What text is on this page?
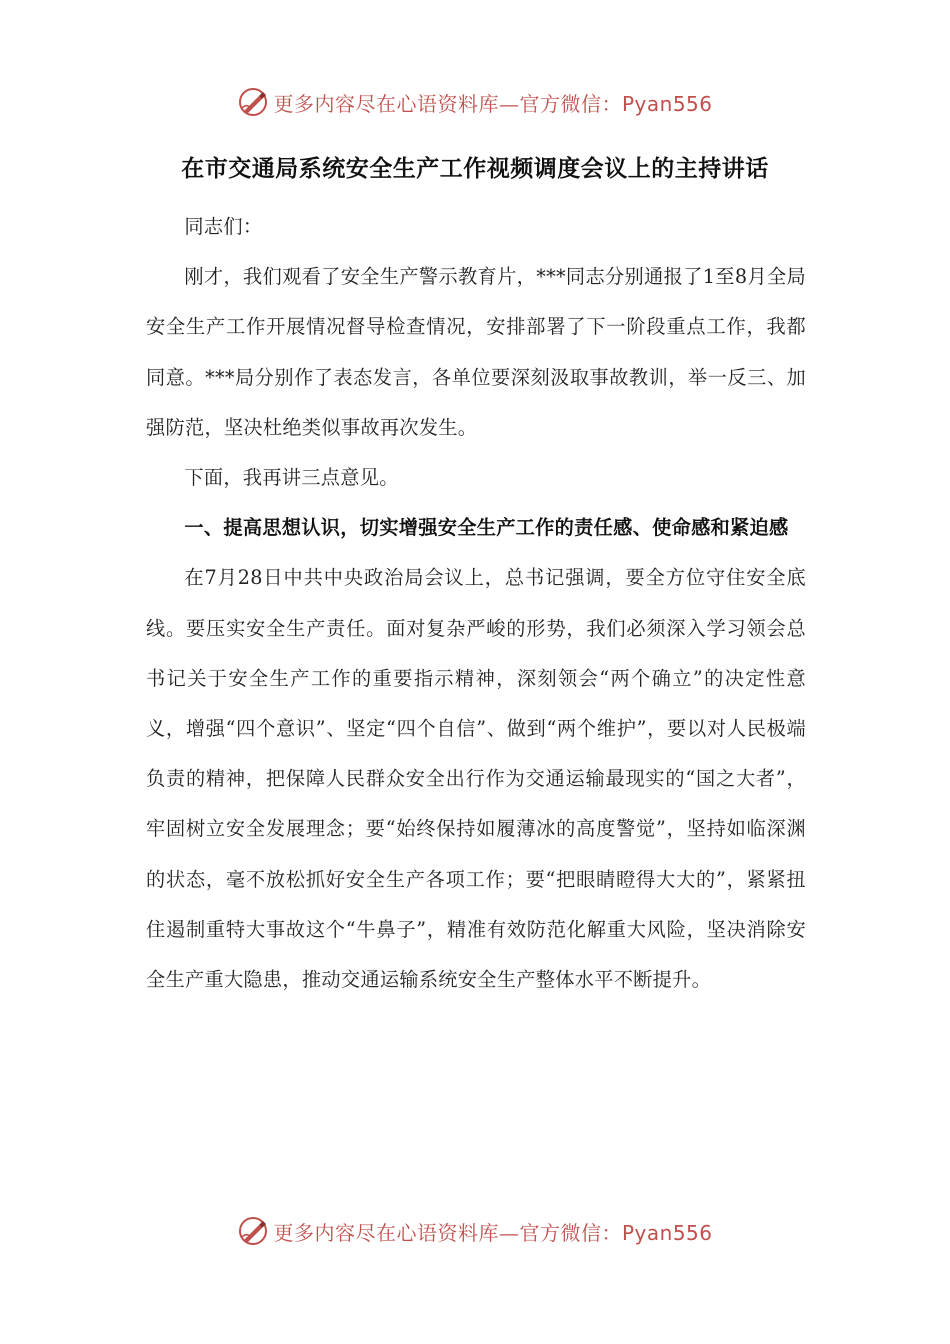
更多内容尽在心语资料库—官方微信：Pyan556
在市交通局系统安全生产工作视频调度会议上的主持讲话

同志们：

刚才，我们观看了安全生产警示教育片，***同志分别通报了1至8月全局安全生产工作开展情况督导检查情况，安排部署了下一阶段重点工作，我都同意。***局分别作了表态发言，各单位要深刻汲取事故教训，举一反三、加强防范，坚决杜绝类似事故再次发生。

下面，我再讲三点意见。

一、提高思想认识，切实增强安全生产工作的责任感、使命感和紧迫感

在7月28日中共中央政治局会议上，总书记强调，要全方位守住安全底线。要压实安全生产责任。面对复杂严峻的形势，我们必须深入学习领会总书记关于安全生产工作的重要指示精神，深刻领会“两个确立”的决定性意义，增强“四个意识”、坚定“四个自信”、做到“两个维护”，要以对人民极端负责的精神，把保障人民群众安全出行作为交通运输最现实的“国之大者”，牢固树立安全发展理念；要“始终保持如履薄冰的高度警觉”，坚持如临深渊的状态，毫不放松抓好安全生产各项工作；要“把眼睛瞪得大大的”，紧紧扭住遏制重特大事故这个“牛鼻子”，精准有效防范化解重大风险，坚决消除安全生产重大隐患，推动交通运输系统安全生产整体水平不断提升。

更多内容尽在心语资料库—官方微信：Pyan556
